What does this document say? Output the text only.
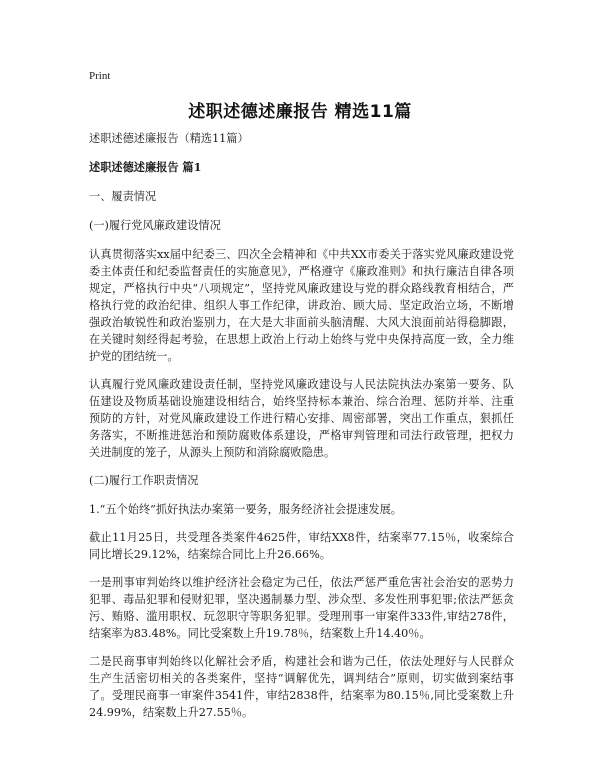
Print
述职述德述廉报告 精选11篇
述职述德述廉报告（精选11篇）
述职述德述廉报告 篇1
一、履责情况
(一)履行党风廉政建设情况
认真贯彻落实xx届中纪委三、四次全会精神和《中共XX市委关于落实党风廉政建设党委主体责任和纪委监督责任的实施意见》，严格遵守《廉政准则》和执行廉洁自律各项规定，严格执行中央“八项规定”，坚持党风廉政建设与党的群众路线教育相结合，严格执行党的政治纪律、组织人事工作纪律，讲政治、顾大局、坚定政治立场，不断增强政治敏锐性和政治鉴别力，在大是大非面前头脑清醒、大风大浪面前站得稳脚跟，在关键时刻经得起考验，在思想上政治上行动上始终与党中央保持高度一致，全力维护党的团结统一。
认真履行党风廉政建设责任制，坚持党风廉政建设与人民法院执法办案第一要务、队伍建设及物质基础设施建设相结合，始终坚持标本兼治、综合治理、惩防并举、注重预防的方针，对党风廉政建设工作进行精心安排、周密部署，突出工作重点，狠抓任务落实，不断推进惩治和预防腐败体系建设，严格审判管理和司法行政管理，把权力关进制度的笼子，从源头上预防和消除腐败隐患。
(二)履行工作职责情况
1.“五个始终”抓好执法办案第一要务，服务经济社会提速发展。
截止11月25日，共受理各类案件4625件，审结XX8件，结案率77.15％，收案综合同比增长29.12%，结案综合同比上升26.66%。
一是刑事审判始终以维护经济社会稳定为己任，依法严惩严重危害社会治安的恶势力犯罪、毒品犯罪和侵财犯罪，坚决遏制暴力型、涉众型、多发性刑事犯罪;依法严惩贪污、贿赂、滥用职权、玩忽职守等职务犯罪。受理刑事一审案件333件,审结278件，结案率为83.48%。同比受案数上升19.78％，结案数上升14.40％。
二是民商事审判始终以化解社会矛盾，构建社会和谐为己任，依法处理好与人民群众生产生活密切相关的各类案件，坚持“调解优先，调判结合”原则，切实做到案结事了。受理民商事一审案件3541件，审结2838件，结案率为80.15％,同比受案数上升24.99%，结案数上升27.55％。
